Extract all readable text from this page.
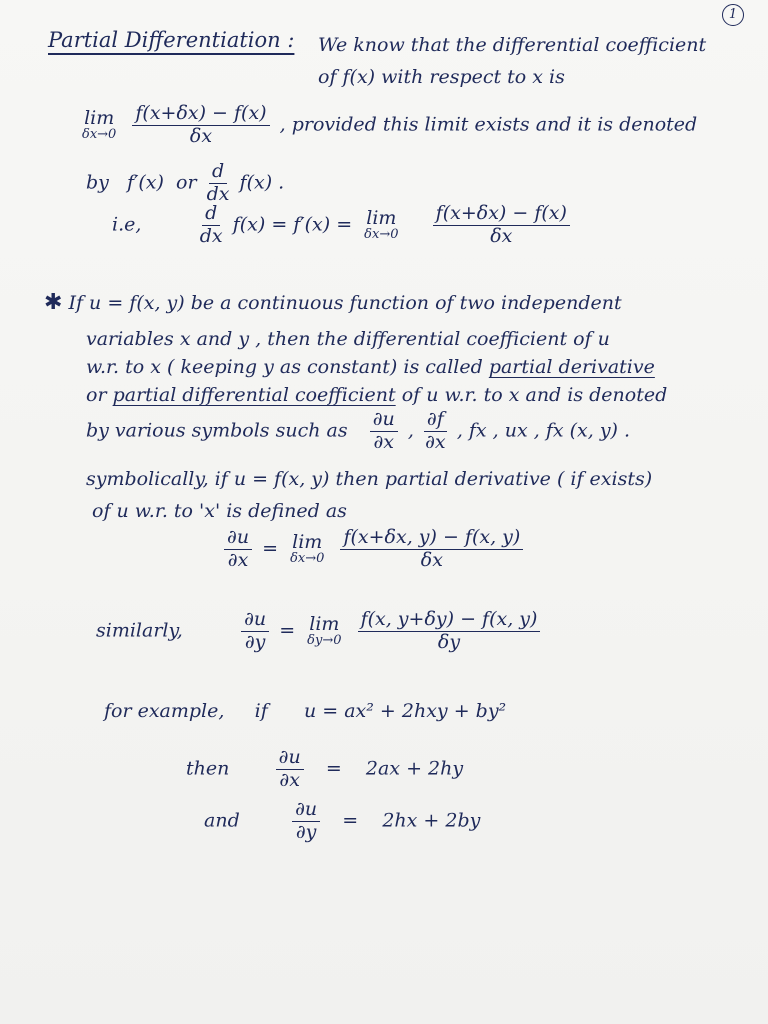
1
Partial Differentiation : We know that the differential coefficient
of f(x) with respect to x is
lim
δx→0
$\frac{f(x+\delta x) - f(x)}{\delta x}$ , provided this limit exists and it is denoted
by f′(x) or $\frac{d}{dx} f(x)$ .
i.e,	$\frac{d}{dx} f(x) = f'(x) = \lim$
δx→0
$\frac{f(x+\delta x) - f(x)}{\delta x}$
✱ If u = f(x, y) be a continuous function of two independent
variables x and y , then the differential coefficient of u
w.r. to x ( keeping y as constant) is called partial derivative
or partial differential coefficient of u w.r. to x and is denoted
by various symbols such as $\frac{\partial u}{\partial x}$ , $\frac{\partial f}{\partial x}$ , fx , ux , fx (x, y) .
symbolically, if u = f(x, y) then partial derivative ( if exists)
of u w.r. to 'x' is defined as
$\frac{\partial u}{\partial x} = \lim$
δx→0
$\frac{f(x+\delta x, y) - f(x, y)}{\delta x}$
similarly,	$\frac{\partial u}{\partial y} = \lim$
δy→0
$\frac{f(x, y+\delta y) - f(x, y)}{\delta y}$
for example, if u = ax² + 2hxy + by²
then $\frac{\partial u}{\partial x} = 2ax + 2hy$
and	$\frac{\partial u}{\partial y} = 2hx + 2by$
